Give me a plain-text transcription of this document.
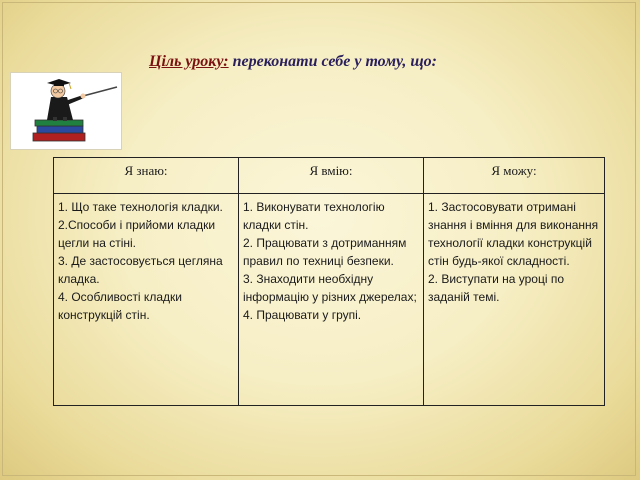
Ціль уроку: переконати себе у тому, що:
Я знаю:	Я вмію:	Я можу:

1. Що таке технологія кладки.
2.Способи і прийоми кладки цегли на стіні.
3. Де застосовується цегляна кладка.
4. Особливості кладки конструкцій стін.	1. Виконувати технологію кладки стін.
2. Працювати з дотриманням правил по техниці безпеки.
3. Знаходити необхідну інформацію у різних джерелах;
4. Працювати у групі.	1. Застосовувати отримані знання і вміння для виконання технології кладки конструкцій стін будь-якої складності.
2. Виступати на уроці по заданій темі.
